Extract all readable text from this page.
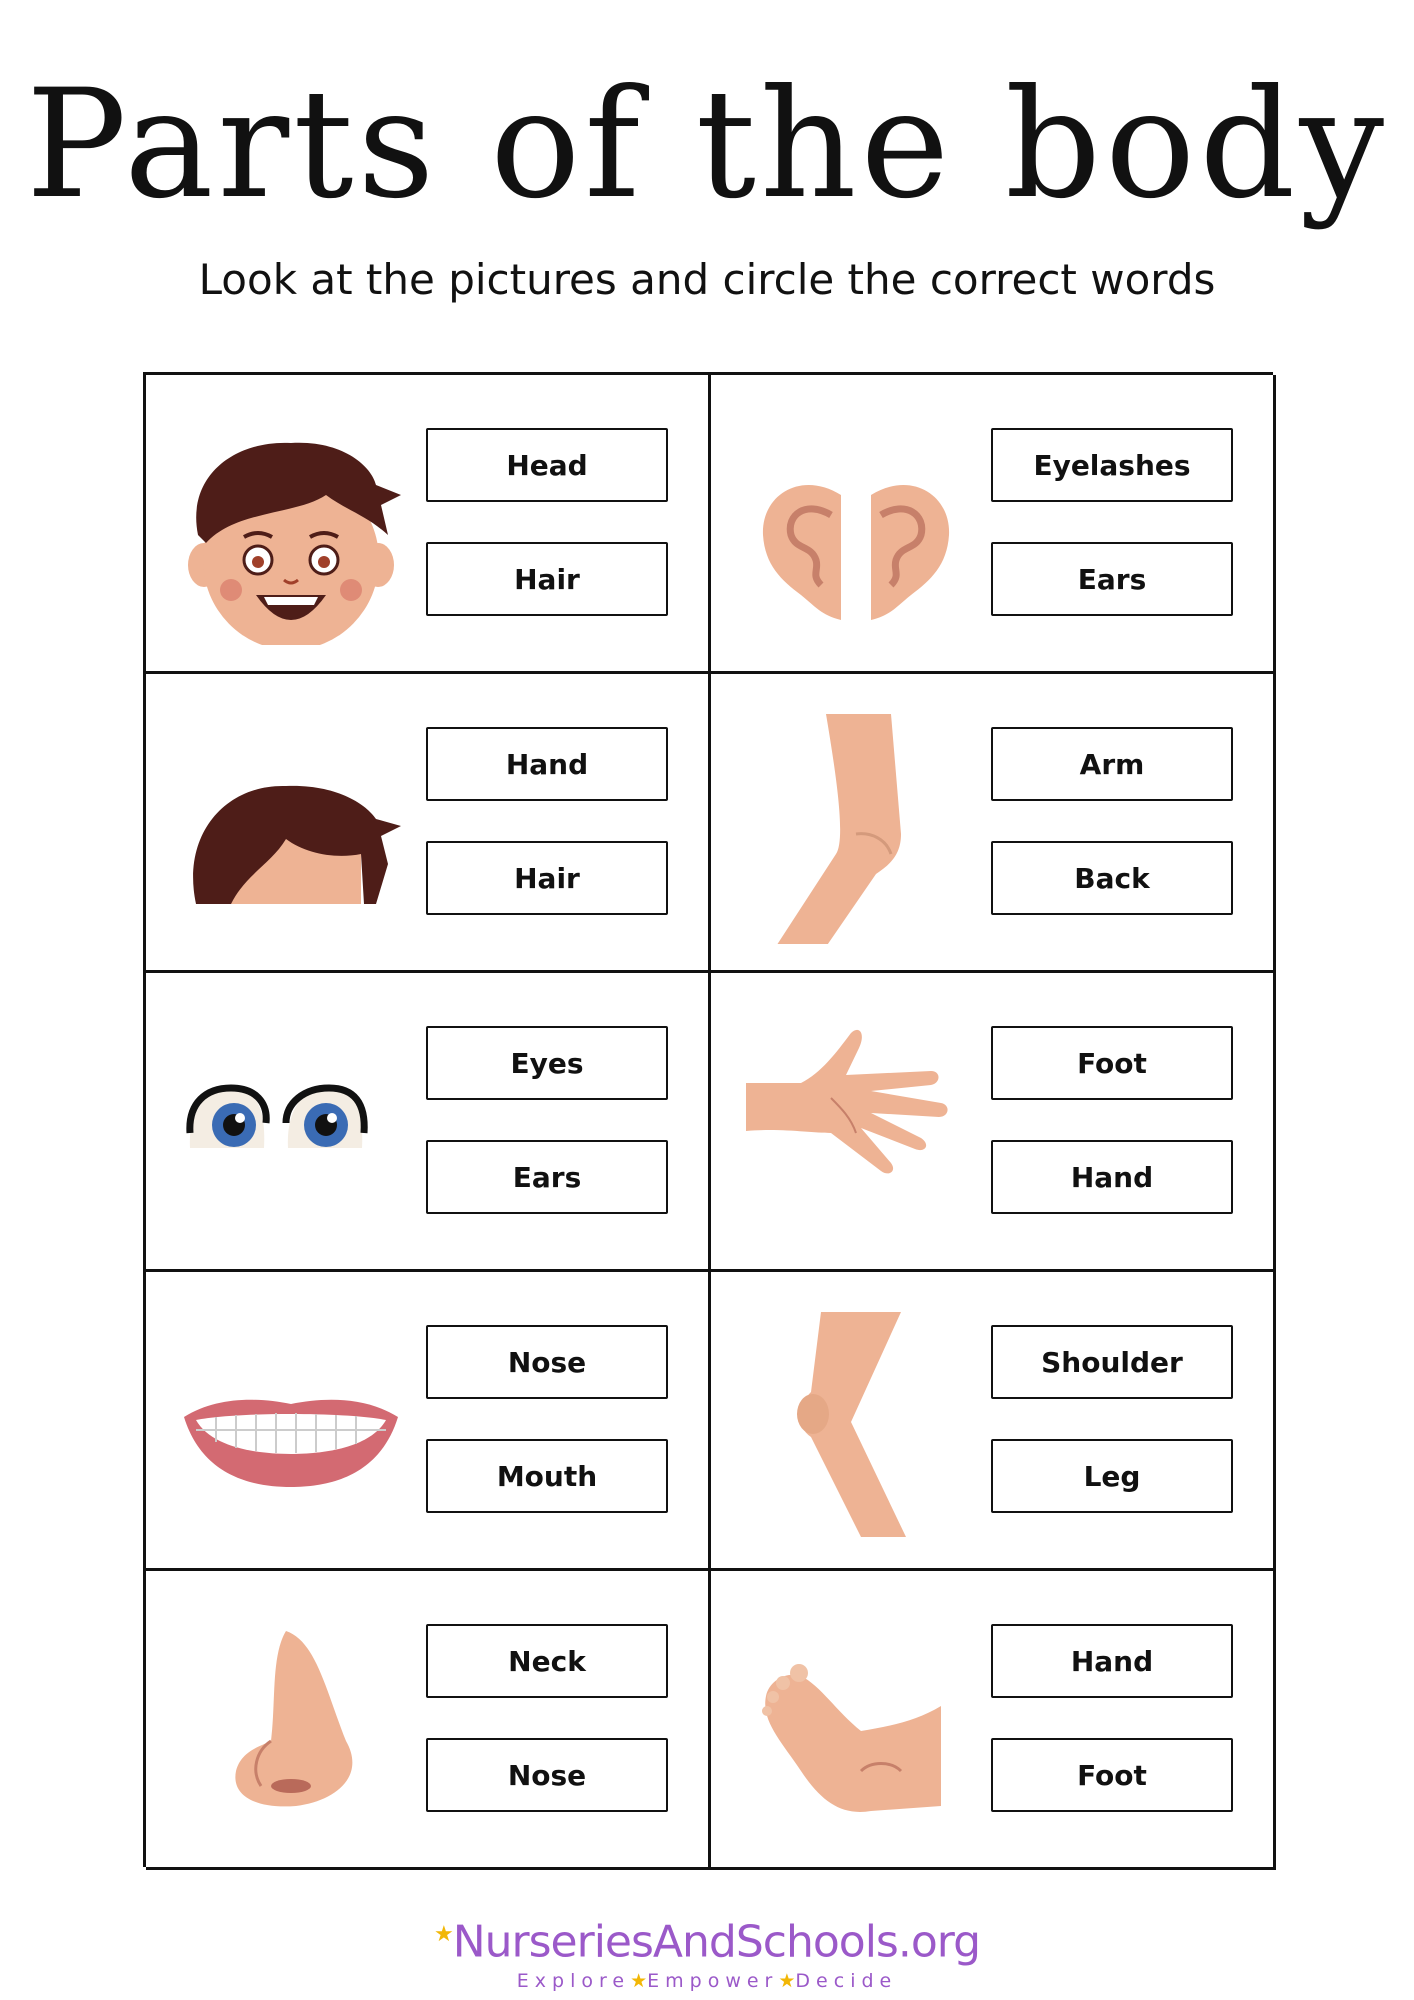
Parts of the body

Look at the pictures and circle the correct words

Head
Hair
Eyelashes
Ears
Hand
Hair
Arm
Back
Eyes
Ears
Foot
Hand
Nose
Mouth
Shoulder
Leg
Neck
Nose
Hand
Foot
★NurseriesAndSchools.org
Explore★Empower★Decide
